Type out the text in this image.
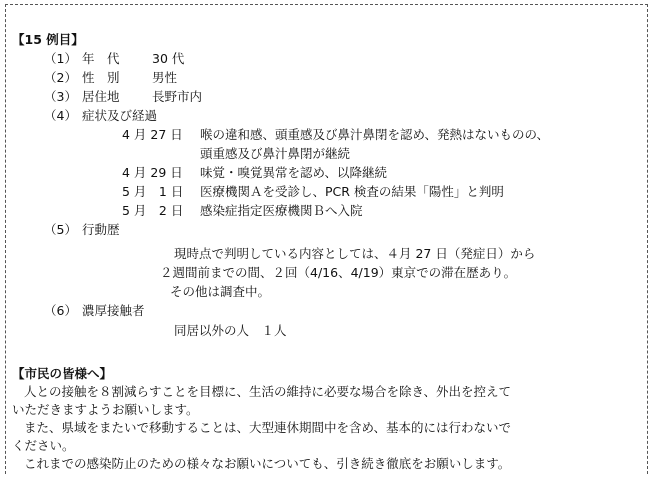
【15 例目】
（1） 年　代	30 代
（2） 性　別	男性
（3） 居住地	長野市内
（4） 症状及び経過
4 月 27 日 喉の違和感、頭重感及び鼻汁鼻閉を認め、発熱はないものの、
頭重感及び鼻汁鼻閉が継続
4 月 29 日 味覚・嗅覚異常を認め、以降継続
5 月　1 日 医療機関Ａを受診し、PCR 検査の結果「陽性」と判明
5 月　2 日 感染症指定医療機関Ｂへ入院
（5） 行動歴
現時点で判明している内容としては、４月 27 日（発症日）から
２週間前までの間、２回（4/16、4/19）東京での滞在歴あり。
その他は調査中。
（6） 濃厚接触者
同居以外の人　１人
【市民の皆様へ】
人との接触を８割減らすことを目標に、生活の維持に必要な場合を除き、外出を控えて
いただきますようお願いします。
また、県域をまたいで移動することは、大型連休期間中を含め、基本的には行わないで
ください。
これまでの感染防止のための様々なお願いについても、引き続き徹底をお願いします。
